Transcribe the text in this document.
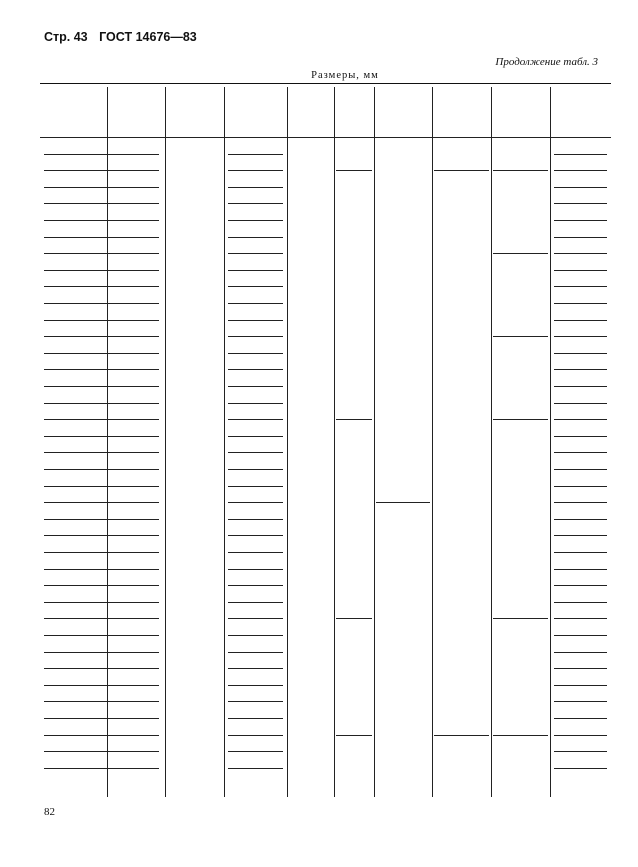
Стр. 43 ГОСТ 14676—83
Продолжение табл. 3
Размеры, мм
82
